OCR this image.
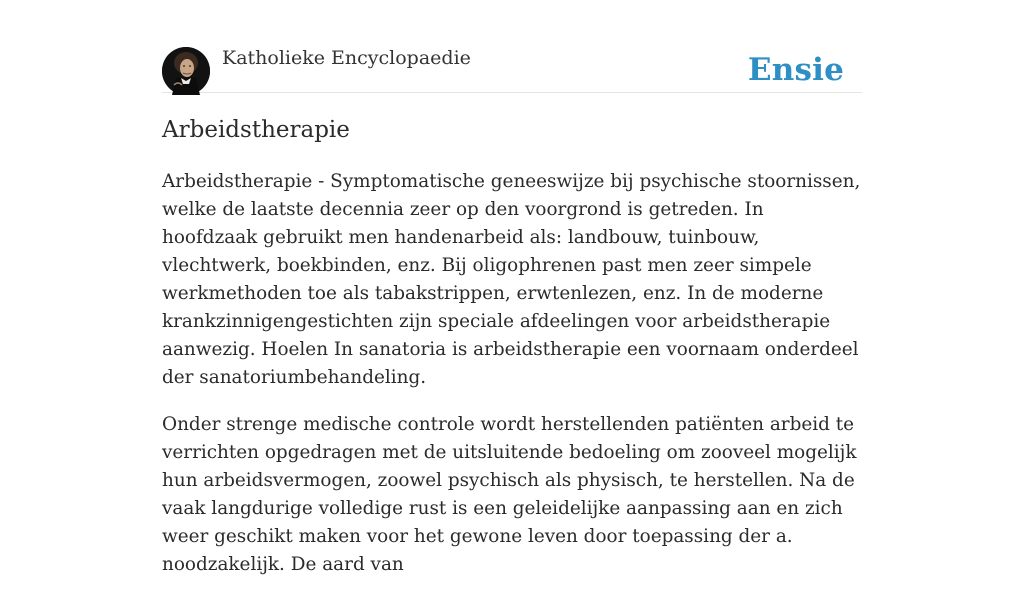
Katholieke Encyclopaedie	Ensie
Arbeidstherapie

Arbeidstherapie - Symptomatische geneeswijze bij psychische stoornissen, welke de laatste decennia zeer op den voorgrond is getreden. In hoofdzaak gebruikt men handenarbeid als: landbouw, tuinbouw, vlechtwerk, boekbinden, enz. Bij oligophrenen past men zeer simpele werkmethoden toe als tabakstrippen, erwtenlezen, enz. In de moderne krankzinnigengestichten zijn speciale afdeelingen voor arbeidstherapie aanwezig. Hoelen In sanatoria is arbeidstherapie een voornaam onderdeel der sanatoriumbehandeling.

Onder strenge medische controle wordt herstellenden patiënten arbeid te verrichten opgedragen met de uitsluitende bedoeling om zooveel mogelijk hun arbeidsvermogen, zoowel psychisch als physisch, te herstellen. Na de vaak langdurige volledige rust is een geleidelijke aanpassing aan en zich weer geschikt maken voor het gewone leven door toepassing der a. noodzakelijk. De aard van
